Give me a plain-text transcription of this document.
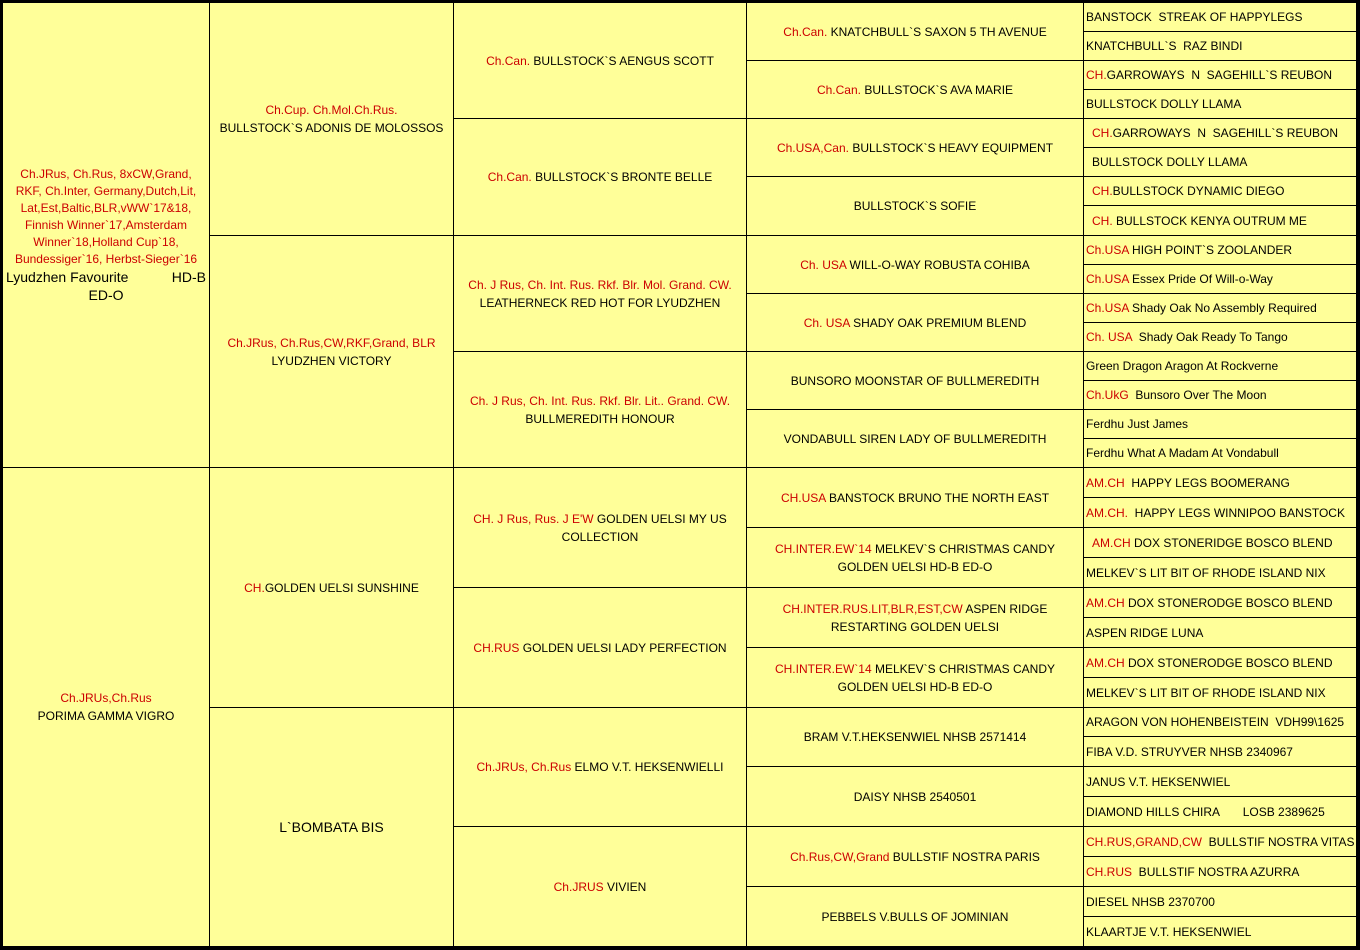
Ch.JRus, Ch.Rus, 8xCW,Grand, RKF, Ch.Inter, Germany,Dutch,Lit, Lat,Est,Baltic,BLR,vWW`17&18, Finnish Winner`17,Amsterdam Winner`18,Holland Cup`18, Bundessiger`16, Herbst-Sieger`16
Lyudzhen Favourite	HD-B
ED-O
Ch.JRUs,Ch.Rus
PORIMA GAMMA VIGRO
Ch.Cup. Ch.Mol.Ch.Rus.
BULLSTOCK`S ADONIS DE MOLOSSOS
Ch.JRus, Ch.Rus,CW,RKF,Grand, BLR
LYUDZHEN VICTORY
CH.GOLDEN UELSI SUNSHINE
L`BOMBATA BIS
Ch.Can. BULLSTOCK`S AENGUS SCOTT
Ch.Can. BULLSTOCK`S BRONTE BELLE
Ch. J Rus, Ch. Int. Rus. Rkf. Blr. Mol. Grand. CW.
LEATHERNECK RED HOT FOR LYUDZHEN
Ch. J Rus, Ch. Int. Rus. Rkf. Blr. Lit.. Grand. CW.
BULLMEREDITH HONOUR
CH. J Rus, Rus. J E'W GOLDEN UELSI MY US COLLECTION
CH.RUS GOLDEN UELSI LADY PERFECTION
Ch.JRUs, Ch.Rus ELMO V.T. HEKSENWIELLI
Ch.JRUS VIVIEN
Ch.Can. KNATCHBULL`S SAXON 5 TH AVENUE
Ch.Can. BULLSTOCK`S AVA MARIE
Ch.USA,Can. BULLSTOCK`S HEAVY EQUIPMENT
BULLSTOCK`S SOFIE
Ch. USA WILL-O-WAY ROBUSTA COHIBA
Ch. USA SHADY OAK PREMIUM BLEND
BUNSORO MOONSTAR OF BULLMEREDITH
VONDABULL SIREN LADY OF BULLMEREDITH
CH.USA BANSTOCK BRUNO THE NORTH EAST
CH.INTER.EW`14 MELKEV`S CHRISTMAS CANDY GOLDEN UELSI HD-B ED-O
CH.INTER.RUS.LIT,BLR,EST,CW ASPEN RIDGE RESTARTING GOLDEN UELSI
CH.INTER.EW`14 MELKEV`S CHRISTMAS CANDY GOLDEN UELSI HD-B ED-O
BRAM V.T.HEKSENWIEL NHSB 2571414
DAISY NHSB 2540501
Ch.Rus,CW,Grand BULLSTIF NOSTRA PARIS
PEBBELS V.BULLS OF JOMINIAN
BANSTOCK  STREAK OF HAPPYLEGS
KNATCHBULL`S  RAZ BINDI
CH.GARROWAYS  N  SAGEHILL`S REUBON
BULLSTOCK DOLLY LLAMA
CH.GARROWAYS  N  SAGEHILL`S REUBON
BULLSTOCK DOLLY LLAMA
CH.BULLSTOCK DYNAMIC DIEGO
CH. BULLSTOCK KENYA OUTRUM ME
Ch.USA HIGH POINT`S ZOOLANDER
Ch.USA Essex Pride Of Will-o-Way
Ch.USA Shady Oak No Assembly Required
Ch. USA  Shady Oak Ready To Tango
Green Dragon Aragon At Rockverne
Ch.UkG  Bunsoro Over The Moon
Ferdhu Just James
Ferdhu What A Madam At Vondabull
AM.CH  HAPPY LEGS BOOMERANG
AM.CH.  HAPPY LEGS WINNIPOO BANSTOCK
AM.CH DOX STONERIDGE BOSCO BLEND
MELKEV`S LIT BIT OF RHODE ISLAND NIX
AM.CH DOX STONERODGE BOSCO BLEND
ASPEN RIDGE LUNA
AM.CH DOX STONERODGE BOSCO BLEND
MELKEV`S LIT BIT OF RHODE ISLAND NIX
ARAGON VON HOHENBEISTEIN  VDH99\1625
FIBA V.D. STRUYVER NHSB 2340967
JANUS V.T. HEKSENWIEL
DIAMOND HILLS CHIRA       LOSB 2389625
CH.RUS,GRAND,CW  BULLSTIF NOSTRA VITAS
CH.RUS  BULLSTIF NOSTRA AZURRA
DIESEL NHSB 2370700
KLAARTJE V.T. HEKSENWIEL
